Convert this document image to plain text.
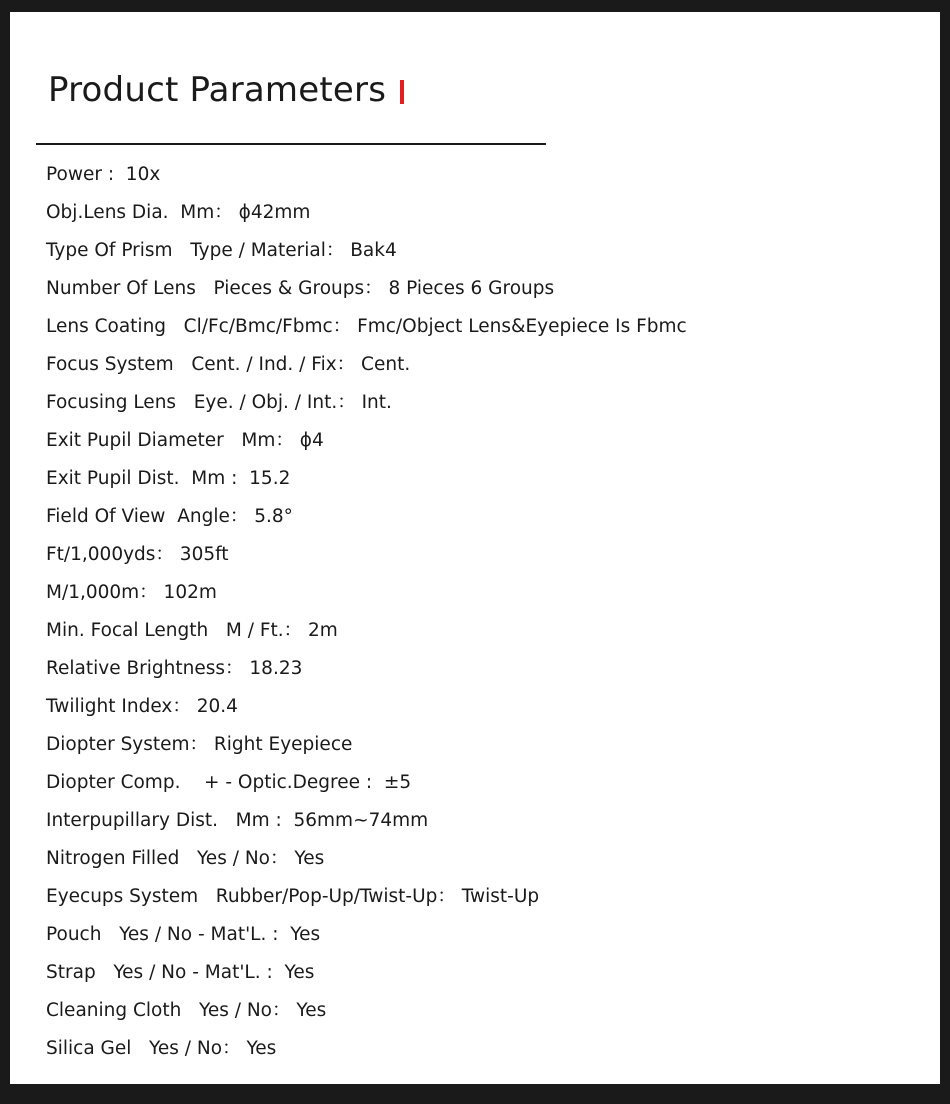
Product Parameters
Power :  10x
Obj.Lens Dia.  Mm： ϕ42mm
Type Of Prism   Type / Material： Bak4
Number Of Lens   Pieces & Groups： 8 Pieces 6 Groups
Lens Coating   Cl/Fc/Bmc/Fbmc： Fmc/Object Lens&Eyepiece Is Fbmc
Focus System   Cent. / Ind. / Fix： Cent.
Focusing Lens   Eye. / Obj. / Int.： Int.
Exit Pupil Diameter   Mm： ϕ4
Exit Pupil Dist.  Mm :  15.2
Field Of View  Angle： 5.8°
Ft/1,000yds： 305ft
M/1,000m： 102m
Min. Focal Length   M / Ft.： 2m
Relative Brightness： 18.23
Twilight Index： 20.4
Diopter System： Right Eyepiece
Diopter Comp.    + - Optic.Degree :  ±5
Interpupillary Dist.   Mm :  56mm~74mm
Nitrogen Filled   Yes / No： Yes
Eyecups System   Rubber/Pop-Up/Twist-Up： Twist-Up
Pouch   Yes / No - Mat'L. :  Yes
Strap   Yes / No - Mat'L. :  Yes
Cleaning Cloth   Yes / No： Yes
Silica Gel   Yes / No： Yes
